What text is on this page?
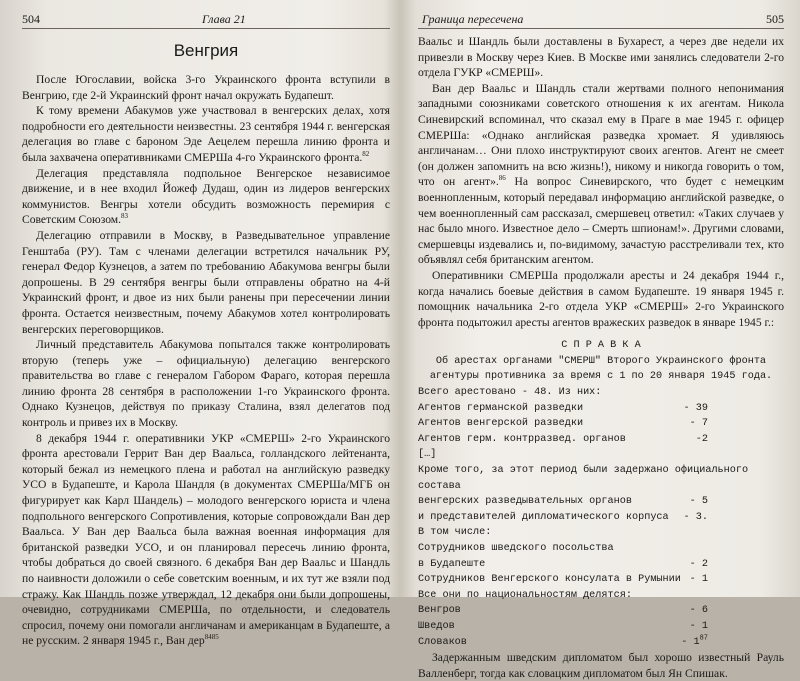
504	Глава 21
Венгрия

После Югославии, войска 3-го Украинского фронта вступили в Венгрию, где 2-й Украинский фронт начал окружать Будапешт.

К тому времени Абакумов уже участвовал в венгерских делах, хотя подробности его деятельности неизвестны. 23 сентября 1944 г. венгерская делегация во главе с бароном Эде Аецелем перешла линию фронта и была захвачена оперативниками СМЕРШа 4-го Украинского фронта.$^{82}$

Делегация представляла подпольное Венгерское независимое движение, и в нее входил Йожеф Дудаш, один из лидеров венгерских коммунистов. Венгры хотели обсудить возможность перемирия с Советским Союзом.$^{83}$

Делегацию отправили в Москву, в Разведывательное управление Генштаба (РУ). Там с членами делегации встретился начальник РУ, генерал Федор Кузнецов, а затем по требованию Абакумова венгры были допрошены. В 29 сентября венгры были отправлены обратно на 4-й Украинский фронт, и двое из них были ранены при пересечении линии фронта. Остается неизвестным, почему Абакумов хотел контролировать венгерских переговорщиков.

Личный представитель Абакумова попытался также контролировать вторую (теперь уже – официальную) делегацию венгерского правительства во главе с генералом Габором Фараго, которая перешла линию фронта 28 сентября в расположении 1-го Украинского фронта. Однако Кузнецов, действуя по приказу Сталина, взял делегатов под контроль и привез их в Москву.

8 декабря 1944 г. оперативники УКР «СМЕРШ» 2-го Украинского фронта арестовали Геррит Ван дер Ваальса, голландского лейтенанта, который бежал из немецкого плена и работал на английскую разведку УСО в Будапеште, и Карола Шандля (в документах СМЕРШа/МГБ он фигурирует как Карл Шандель) – молодого венгерского юриста и члена подпольного венгерского Сопротивления, которые сопровождали Ван дер Ваальса. У Ван дер Ваальса была важная военная информация для британской разведки УСО, и он планировал пересечь линию фронта, чтобы добраться до своей связного. 6 декабря Ван дер Ваальс и Шандль по наивности доложили о себе советским военным, и их тут же взяли под стражу. Как Шандль позже утверждал, 12 декабря они были допрошены, очевидно, сотрудниками СМЕРШа, по отдельности, и следователь спросил, почему они помогали англичанам и американцам в Будапеште, а не русским. 2 января 1945 г., Ван дер$^{8485}$

Граница пересечена	505

Ваальс и Шандль были доставлены в Бухарест, а через две недели их привезли в Москву через Киев. В Москве ими занялись следователи 2-го отдела ГУКР «СМЕРШ».

Ван дер Ваальс и Шандль стали жертвами полного непонимания западными союзниками советского отношения к их агентам. Никола Синевирский вспоминал, что сказал ему в Праге в мае 1945 г. офицер СМЕРШа: «Однако английская разведка хромает. Я удивляюсь англичанам… Они плохо инструктируют своих агентов. Агент не смеет (он должен запомнить на всю жизнь!), никому и никогда говорить о том, что он агент».$^{86}$ На вопрос Синевирского, что будет с немецким военнопленным, который передавал информацию английской разведке, о чем военнопленный сам рассказал, смершевец ответил: «Таких случаев у нас было много. Известное дело – Смерть шпионам!». Другими словами, смершевцы издевались и, по-видимому, зачастую расстреливали тех, кто объявлял себя британским агентом.

Оперативники СМЕРШа продолжали аресты и 24 декабря 1944 г., когда начались боевые действия в самом Будапеште. 19 января 1945 г. помощник начальника 2-го отдела УКР «СМЕРШ» 2-го Украинского фронта подытожил аресты агентов вражеских разведок в январе 1945 г.:

С П Р А В К А
Об арестах органами "СМЕРШ" Второго Украинского фронта
агентуры противника за время с 1 по 20 января 1945 года.
Всего арестовано - 48. Из них:
Агентов германской разведки	- 39
Агентов венгерской разведки	- 7
Агентов герм. контрразвед. органов	-2
[…]
Кроме того, за этот период были задержано официального состава
венгерских разведывательных органов	- 5
и представителей дипломатического корпуса - 3.
В том числе:
Сотрудников шведского посольства
в Будапеште	- 2
Сотрудников Венгерского консулата в Румынии - 1
Все они по национальностям делятся:
Венгров	- 6
Шведов	- 1
Словаков	- $1^{87}$

Задержанным шведским дипломатом был хорошо известный Рауль Валленберг, тогда как словацким дипломатом был Ян Спишак.
